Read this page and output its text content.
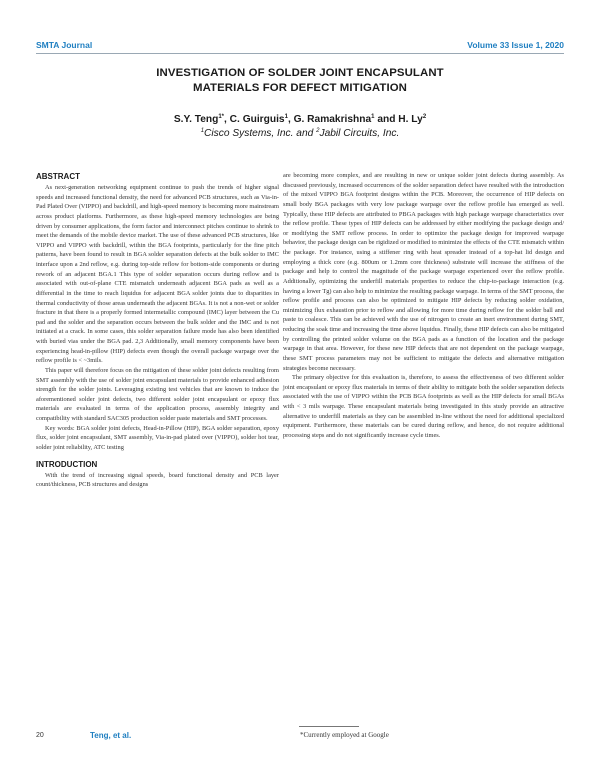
SMTA Journal	Volume 33 Issue 1, 2020
INVESTIGATION OF SOLDER JOINT ENCAPSULANT
MATERIALS FOR DEFECT MITIGATION
S.Y. Teng$^{1*}$, C. Guirguis$^1$, G. Ramakrishna$^1$ and H. Ly$^2$
$^1$Cisco Systems, Inc. and $^2$Jabil Circuits, Inc.
ABSTRACT

As next-generation networking equipment continue to push the trends of higher signal speeds and increased functional density, the need for advanced PCB structures, such as Via-in-Pad Plated Over (VIPPO) and backdrill, and high-speed memory is becoming more mainstream across product platforms. Furthermore, as these high-speed memory technologies are being driven by consumer applications, the form factor and interconnect pitches continue to shrink to meet the demands of the mobile device market. The use of these advanced PCB structures, like VIPPO and VIPPO with backdrill, within the BGA footprints, particularly for the fine pitch patterns, have been found to result in BGA solder separation defects at the bulk solder to IMC interface upon a 2nd reflow, e.g. during top-side reflow for bottom-side components or during rework of an adjacent BGA.1 This type of solder separation occurs during reflow and is associated with out-of-plane CTE mismatch underneath adjacent BGA pads as well as a differential in the time to reach liquidus for adjacent BGA solder joints due to disparities in thermal conductivity of those areas underneath the adjacent BGAs. It is not a non-wet or solder fracture in that there is a properly formed intermetallic compound (IMC) layer between the Cu pad and the solder and the separation occurs between the bulk solder and the IMC and is not initiated at a crack. In some cases, this solder separation failure mode has also been identified with buried vias under the BGA pad. 2,3 Additionally, small memory components have been experiencing head-in-pillow (HIP) defects even though the overall package warpage over the reflow profile is < ~3mils.

This paper will therefore focus on the mitigation of these solder joint defects resulting from SMT assembly with the use of solder joint encapsulant materials to provide enhanced adhesion strength for the solder joints. Leveraging existing test vehicles that are known to induce the aforementioned solder joint defects, two different solder joint encapsulant or epoxy flux materials are evaluated in terms of the application process, assembly integrity and compatibility with standard SAC305 production solder paste materials and SMT processes.

Key words: BGA solder joint defects, Head-in-Pillow (HIP), BGA solder separation, epoxy flux, solder joint encapsulant, SMT assembly, Via-in-pad plated over (VIPPO), solder hot tear, solder joint reliability, ATC testing

INTRODUCTION

With the trend of increasing signal speeds, board functional density and PCB layer count/thickness, PCB structures and designs

are becoming more complex, and are resulting in new or unique solder joint defects during assembly. As discussed previously, increased occurrences of the solder separation defect have resulted with the introduction of the mixed VIPPO BGA footprint designs within the PCB. Moreover, the occurrence of HIP defects on small body BGA packages with very low package warpage over the reflow profile has emerged as well. Typically, these HIP defects are attributed to PBGA packages with high package warpage characteristics over the reflow profile. These types of HIP defects can be addressed by either modifying the package design and/ or modifying the SMT reflow process. In order to optimize the package design for improved warpage behavior, the package design can be rigidized or modified to minimize the effects of the CTE mismatch within the package. For instance, using a stiffener ring with heat spreader instead of a top-hat lid design and employing a thick core (e.g. 800um or 1.2mm core thickness) substrate will increase the stiffness of the package and help to control the magnitude of the package warpage experienced over the reflow profile. Additionally, optimizing the underfill materials properties to reduce the chip-to-package interaction (e.g. having a lower Tg) can also help to minimize the resulting package warpage. In terms of the SMT process, the reflow profile and process can also be optimized to mitigate HIP defects by reducing solder oxidation, minimizing flux exhaustion prior to reflow and allowing for more time during reflow for the solder ball and paste to coalesce. This can be achieved with the use of nitrogen to create an inert environment during SMT, reducing the soak time and increasing the time above liquidus. Finally, these HIP defects can also be mitigated by controlling the printed solder volume on the BGA pads as a function of the location and the package warpage in that area. However, for these new HIP defects that are not dependent on the package warpage, these SMT process parameters may not be sufficient to mitigate the defects and alternative mitigation strategies become necessary.

The primary objective for this evaluation is, therefore, to assess the effectiveness of two different solder joint encapsulant or epoxy flux materials in terms of their ability to mitigate both the solder separation defects associated with the use of VIPPO within the PCB BGA footprints as well as the HIP defects for small BGAs with < 3 mils warpage. These encapsulant materials being investigated in this study provide an attractive alternative to underfill materials as they can be assembled in-line without the need for additional specialized equipment. Furthermore, these materials can be cured during reflow, and hence, do not require additional processing steps and do not significantly increase cycle times.

20	Teng, et al.	*Currently employed at Google
